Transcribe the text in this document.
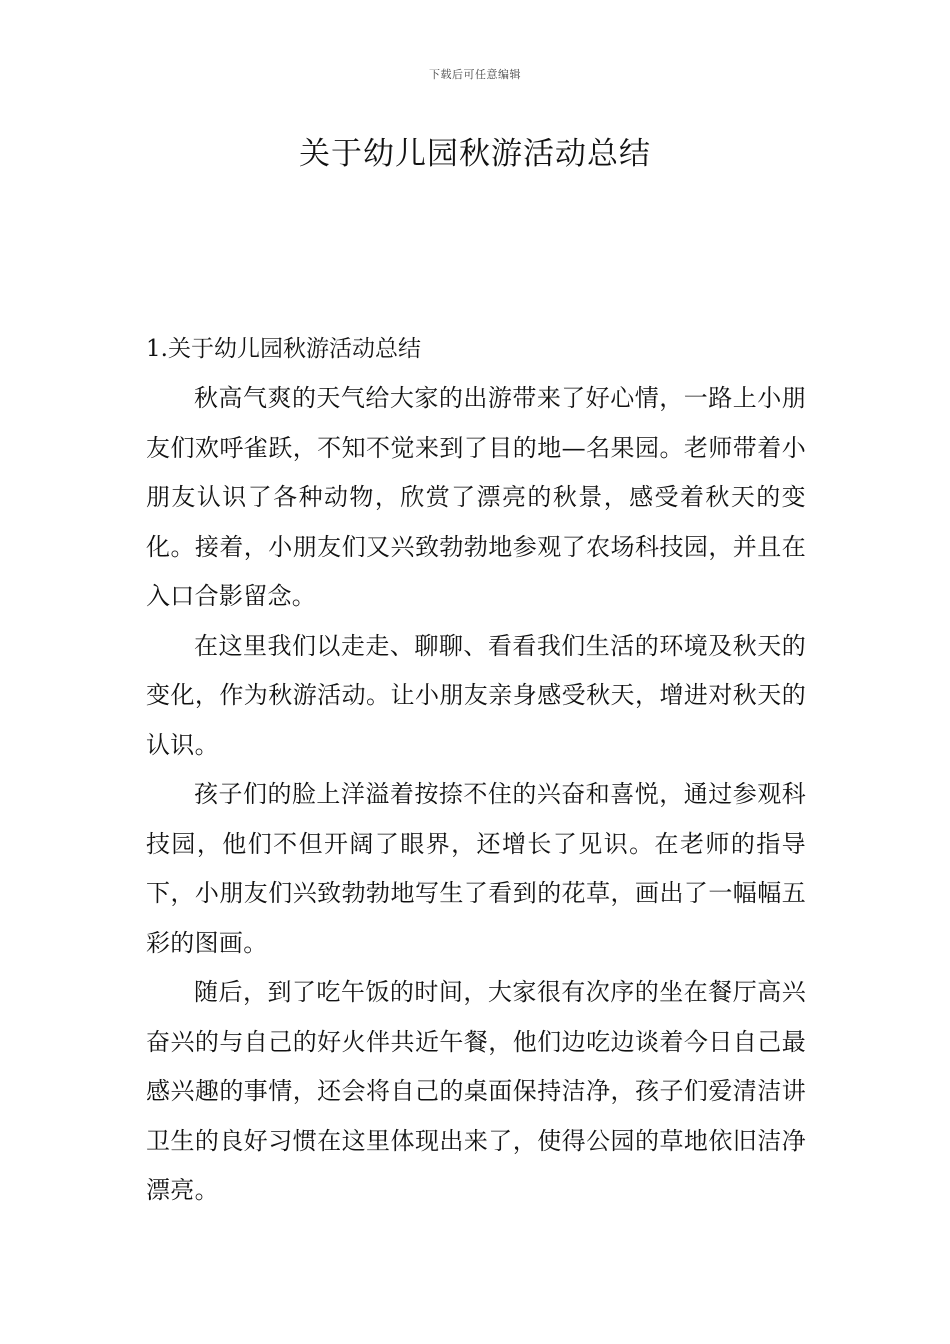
下载后可任意编辑
关于幼儿园秋游活动总结

1.关于幼儿园秋游活动总结

秋高气爽的天气给大家的出游带来了好心情，一路上小朋友们欢呼雀跃，不知不觉来到了目的地—名果园。老师带着小朋友认识了各种动物，欣赏了漂亮的秋景，感受着秋天的变化。接着，小朋友们又兴致勃勃地参观了农场科技园，并且在入口合影留念。

在这里我们以走走、聊聊、看看我们生活的环境及秋天的变化，作为秋游活动。让小朋友亲身感受秋天，增进对秋天的认识。

孩子们的脸上洋溢着按捺不住的兴奋和喜悦，通过参观科技园，他们不但开阔了眼界，还增长了见识。在老师的指导下，小朋友们兴致勃勃地写生了看到的花草，画出了一幅幅五彩的图画。

随后，到了吃午饭的时间，大家很有次序的坐在餐厅高兴奋兴的与自己的好火伴共近午餐，他们边吃边谈着今日自己最感兴趣的事情，还会将自己的桌面保持洁净，孩子们爱清洁讲卫生的良好习惯在这里体现出来了，使得公园的草地依旧洁净漂亮。
